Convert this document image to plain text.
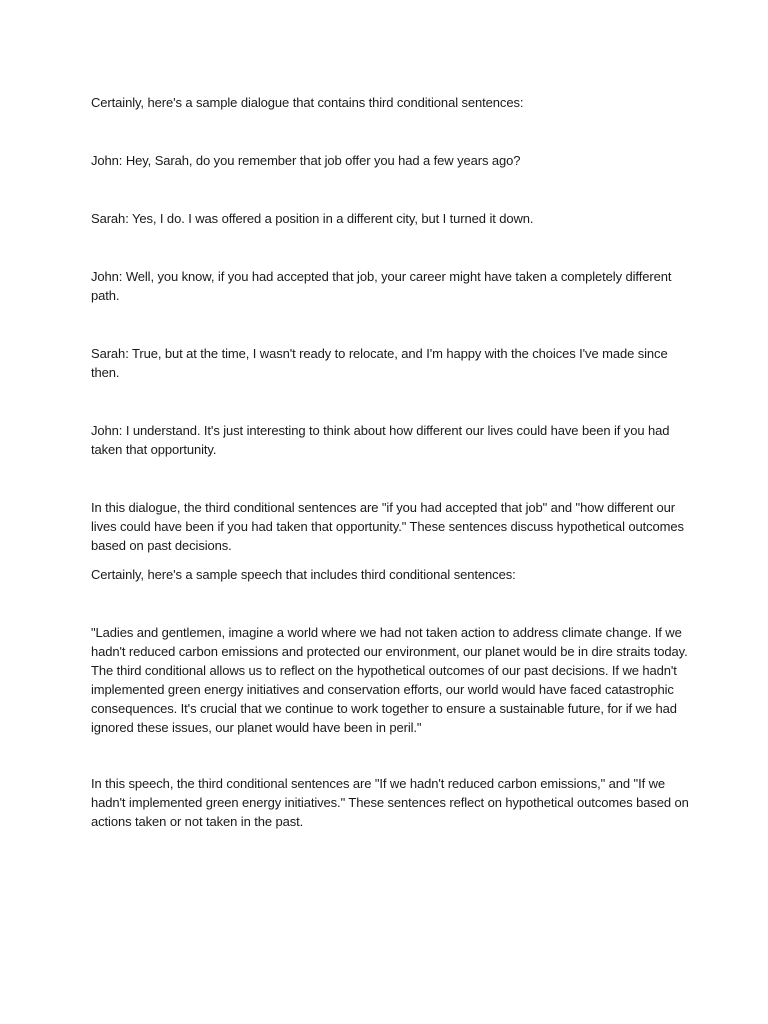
Certainly, here's a sample dialogue that contains third conditional sentences:

John: Hey, Sarah, do you remember that job offer you had a few years ago?

Sarah: Yes, I do. I was offered a position in a different city, but I turned it down.

John: Well, you know, if you had accepted that job, your career might have taken a completely different path.

Sarah: True, but at the time, I wasn't ready to relocate, and I'm happy with the choices I've made since then.

John: I understand. It's just interesting to think about how different our lives could have been if you had taken that opportunity.

In this dialogue, the third conditional sentences are "if you had accepted that job" and "how different our lives could have been if you had taken that opportunity." These sentences discuss hypothetical outcomes based on past decisions.

Certainly, here's a sample speech that includes third conditional sentences:

"Ladies and gentlemen, imagine a world where we had not taken action to address climate change. If we hadn't reduced carbon emissions and protected our environment, our planet would be in dire straits today. The third conditional allows us to reflect on the hypothetical outcomes of our past decisions. If we hadn't implemented green energy initiatives and conservation efforts, our world would have faced catastrophic consequences. It's crucial that we continue to work together to ensure a sustainable future, for if we had ignored these issues, our planet would have been in peril."

In this speech, the third conditional sentences are "If we hadn't reduced carbon emissions," and "If we hadn't implemented green energy initiatives." These sentences reflect on hypothetical outcomes based on actions taken or not taken in the past.
